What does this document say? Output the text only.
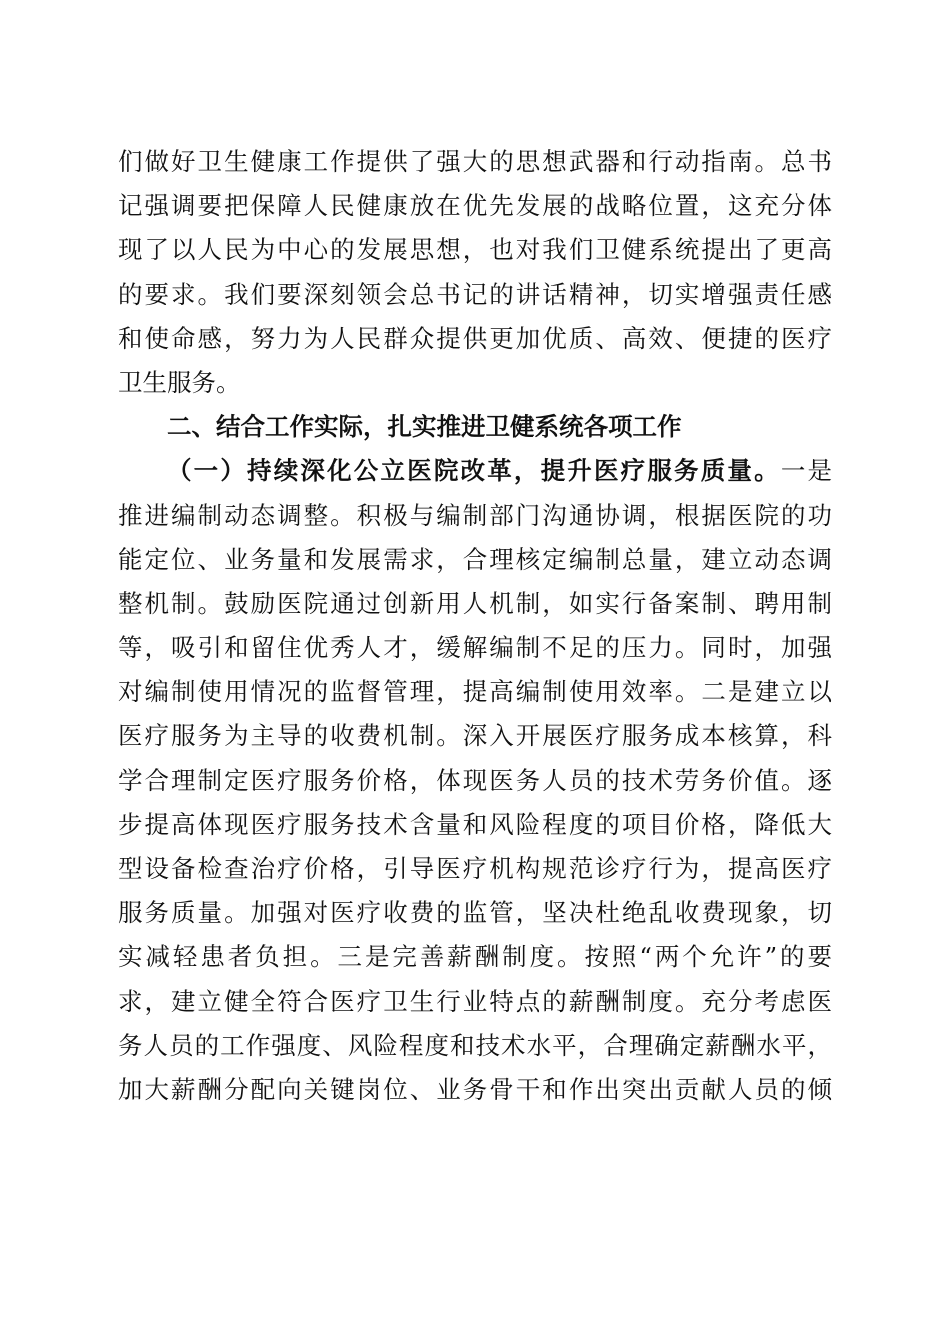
们做好卫生健康工作提供了强大的思想武器和行动指南。总书
记强调要把保障人民健康放在优先发展的战略位置，这充分体
现了以人民为中心的发展思想，也对我们卫健系统提出了更高
的要求。我们要深刻领会总书记的讲话精神，切实增强责任感
和使命感，努力为人民群众提供更加优质、高效、便捷的医疗
卫生服务。
二、结合工作实际，扎实推进卫健系统各项工作
（一）持续深化公立医院改革，提升医疗服务质量。一是
推进编制动态调整。积极与编制部门沟通协调，根据医院的功
能定位、业务量和发展需求，合理核定编制总量，建立动态调
整机制。鼓励医院通过创新用人机制，如实行备案制、聘用制
等，吸引和留住优秀人才，缓解编制不足的压力。同时，加强
对编制使用情况的监督管理，提高编制使用效率。二是建立以
医疗服务为主导的收费机制。深入开展医疗服务成本核算，科
学合理制定医疗服务价格，体现医务人员的技术劳务价值。逐
步提高体现医疗服务技术含量和风险程度的项目价格，降低大
型设备检查治疗价格，引导医疗机构规范诊疗行为，提高医疗
服务质量。加强对医疗收费的监管，坚决杜绝乱收费现象，切
实减轻患者负担。三是完善薪酬制度。按照“两个允许”的要
求，建立健全符合医疗卫生行业特点的薪酬制度。充分考虑医
务人员的工作强度、风险程度和技术水平，合理确定薪酬水平，
加大薪酬分配向关键岗位、业务骨干和作出突出贡献人员的倾
